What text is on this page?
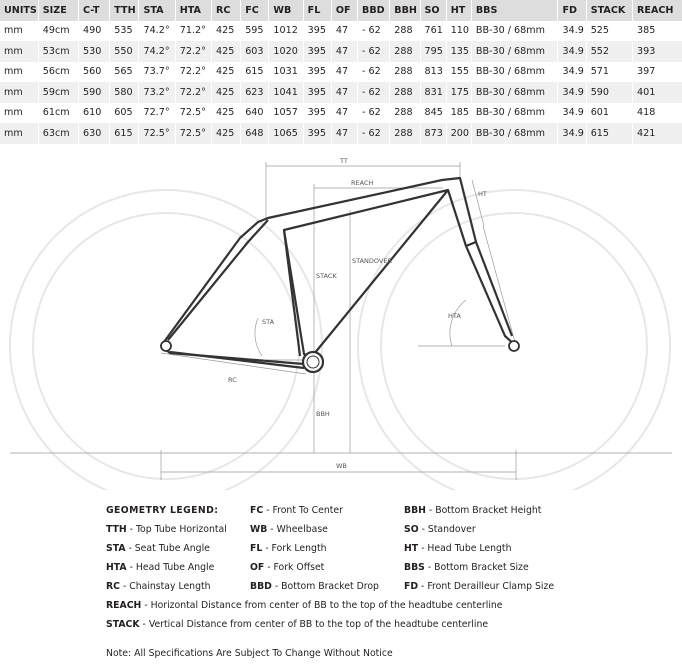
UNITS	SIZE	C-T	TTH	STA	HTA	RC	FC	WB	FL	OF	BBD	BBH	SO	HT	BBS	FD	STACK	REACH
mm	49cm	490	535	74.2°	71.2°	425	595	1012	395	47	- 62	288	761	110	BB-30 / 68mm	34.9	525	385
mm	53cm	530	550	74.2°	72.2°	425	603	1020	395	47	- 62	288	795	135	BB-30 / 68mm	34.9	552	393
mm	56cm	560	565	73.7°	72.2°	425	615	1031	395	47	- 62	288	813	155	BB-30 / 68mm	34.9	571	397
mm	59cm	590	580	73.2°	72.2°	425	623	1041	395	47	- 62	288	831	175	BB-30 / 68mm	34.9	590	401
mm	61cm	610	605	72.7°	72.5°	425	640	1057	395	47	- 62	288	845	185	BB-30 / 68mm	34.9	601	418
mm	63cm	630	615	72.5°	72.5°	425	648	1065	395	47	- 62	288	873	200	BB-30 / 68mm	34.9	615	421
TT
REACH
HT
STACK
STANDOVER
STA
HTA
RC
BBH
WB
GEOMETRY LEGEND:
TTH - Top Tube Horizontal
STA - Seat Tube Angle
HTA - Head Tube Angle
RC - Chainstay Length
FC - Front To Center
WB - Wheelbase
FL - Fork Length
OF - Fork Offset
BBD - Bottom Bracket Drop
BBH - Bottom Bracket Height
SO - Standover
HT - Head Tube Length
BBS - Bottom Bracket Size
FD - Front Derailleur Clamp Size
REACH - Horizontal Distance from center of BB to the top of the headtube centerline
STACK - Vertical Distance from center of BB to the top of the headtube centerline
Note: All Specifications Are Subject To Change Without Notice
